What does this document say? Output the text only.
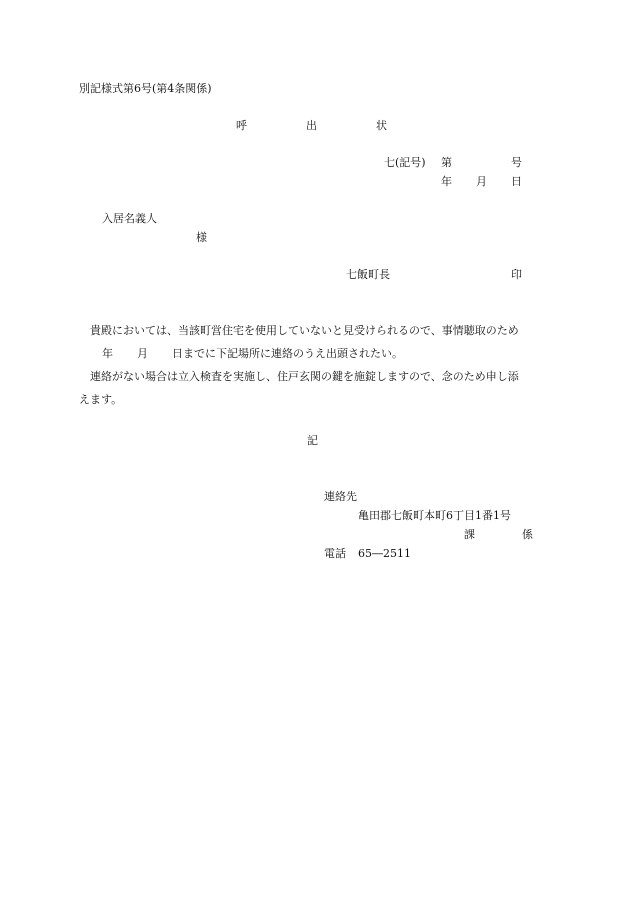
別記様式第6号(第4条関係)
呼	出	状
七(記号) 第	号
年 月 日
入居名義人
様
七飯町長	印

貴殿においては、当該町営住宅を使用していないと見受けられるので、事情聴取のため

年 月 日までに下記場所に連絡のうえ出頭されたい。

連絡がない場合は立入検査を実施し、住戸玄関の鍵を施錠しますので、念のため申し添

えます。

記
連絡先
亀田郡七飯町本町6丁目1番1号
課	係
電話 65―2511
